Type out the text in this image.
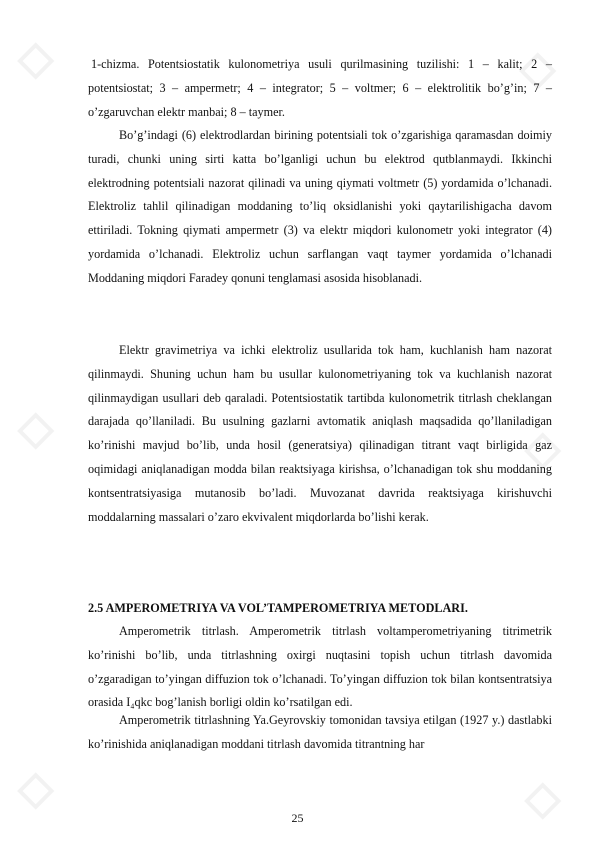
◇	◇
◇	◇
◇	◇

1-chizma. Potentsiostatik kulonometriya usuli qurilmasining tuzilishi: 1 – kalit; 2 – potentsiostat; 3 – ampermetr; 4 – integrator; 5 – voltmer; 6 – elektrolitik bo’g’in; 7 – o’zgaruvchan elektr manbai; 8 – taymer.

Bo’g’indagi (6) elektrodlardan birining potentsiali tok o’zgarishiga qaramasdan doimiy turadi, chunki uning sirti katta bo’lganligi uchun bu elektrod qutblanmaydi. Ikkinchi elektrodning potentsiali nazorat qilinadi va uning qiymati voltmetr (5) yordamida o’lchanadi. Elektroliz tahlil qilinadigan moddaning to’liq oksidlanishi yoki qaytarilishigacha davom ettiriladi. Tokning qiymati ampermetr (3) va elektr miqdori kulonometr yoki integrator (4) yordamida o’lchanadi. Elektroliz uchun sarflangan vaqt taymer yordamida o’lchanadi Moddaning miqdori Faradey qonuni tenglamasi asosida hisoblanadi.

Elektr gravimetriya va ichki elektroliz usullarida tok ham, kuchlanish ham nazorat qilinmaydi. Shuning uchun ham bu usullar kulonometriyaning tok va kuchlanish nazorat qilinmaydigan usullari deb qaraladi. Potentsiostatik tartibda kulonometrik titrlash cheklangan darajada qo’llaniladi. Bu usulning gazlarni avtomatik aniqlash maqsadida qo’llaniladigan ko’rinishi mavjud bo’lib, unda hosil (generatsiya) qilinadigan titrant vaqt birligida gaz oqimidagi aniqlanadigan modda bilan reaktsiyaga kirishsa, o’lchanadigan tok shu moddaning kontsentratsiyasiga mutanosib bo’ladi. Muvozanat davrida reaktsiyaga kirishuvchi moddalarning massalari o’zaro ekvivalent miqdorlarda bo’lishi kerak.

2.5 AMPEROMETRIYA VA VOL’TAMPEROMETRIYA METODLARI.

Amperometrik titrlash. Amperometrik titrlash voltamperometriyaning titrimetrik ko’rinishi bo’lib, unda titrlashning oxirgi nuqtasini topish uchun titrlash davomida o’zgaradigan to’yingan diffuzion tok o’lchanadi. To’yingan diffuzion tok bilan kontsentratsiya orasida I₄qkc bog’lanish borligi oldin ko’rsatilgan edi.

Amperometrik titrlashning Ya.Geyrovskiy tomonidan tavsiya etilgan (1927 y.) dastlabki ko’rinishida aniqlanadigan moddani titrlash davomida titrantning har

25
